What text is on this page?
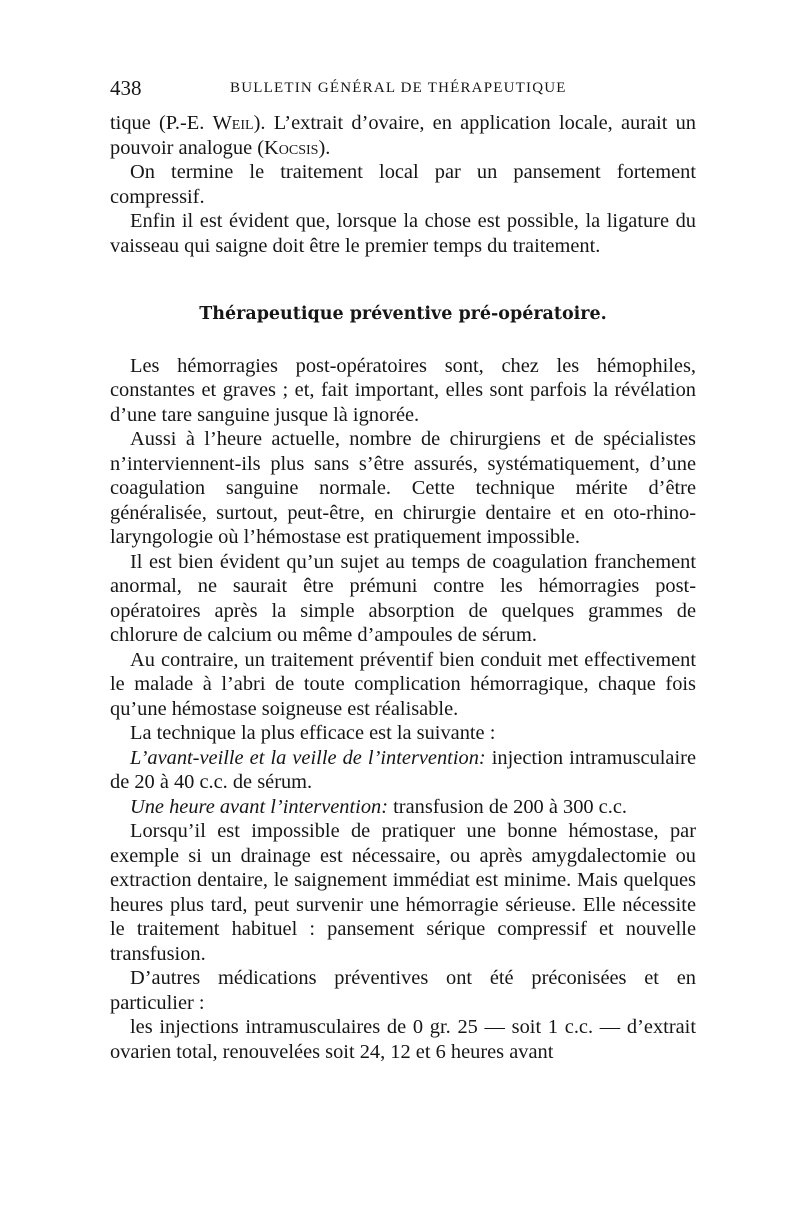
438	BULLETIN GÉNÉRAL DE THÉRAPEUTIQUE

tique (P.-E. Weil). L’extrait d’ovaire, en application locale, aurait un pouvoir analogue (Kocsis).

On termine le traitement local par un pansement fortement compressif.

Enfin il est évident que, lorsque la chose est possible, la ligature du vaisseau qui saigne doit être le premier temps du traitement.

Thérapeutique préventive pré-opératoire.

Les hémorragies post-opératoires sont, chez les hémophiles, constantes et graves ; et, fait important, elles sont parfois la révélation d’une tare sanguine jusque là ignorée.

Aussi à l’heure actuelle, nombre de chirurgiens et de spécialistes n’interviennent-ils plus sans s’être assurés, systématiquement, d’une coagulation sanguine normale. Cette technique mérite d’être généralisée, surtout, peut-être, en chirurgie dentaire et en oto-rhino-laryngologie où l’hémostase est pratiquement impossible.

Il est bien évident qu’un sujet au temps de coagulation franchement anormal, ne saurait être prémuni contre les hémorragies post-opératoires après la simple absorption de quelques grammes de chlorure de calcium ou même d’ampoules de sérum.

Au contraire, un traitement préventif bien conduit met effectivement le malade à l’abri de toute complication hémorragique, chaque fois qu’une hémostase soigneuse est réalisable.

La technique la plus efficace est la suivante :

L’avant-veille et la veille de l’intervention: injection intramusculaire de 20 à 40 c.c. de sérum.

Une heure avant l’intervention: transfusion de 200 à 300 c.c.

Lorsqu’il est impossible de pratiquer une bonne hémostase, par exemple si un drainage est nécessaire, ou après amygdalectomie ou extraction dentaire, le saignement immédiat est minime. Mais quelques heures plus tard, peut survenir une hémorragie sérieuse. Elle nécessite le traitement habituel : pansement sérique compressif et nouvelle transfusion.

D’autres médications préventives ont été préconisées et en particulier :

les injections intramusculaires de 0 gr. 25 — soit 1 c.c. — d’extrait ovarien total, renouvelées soit 24, 12 et 6 heures avant
